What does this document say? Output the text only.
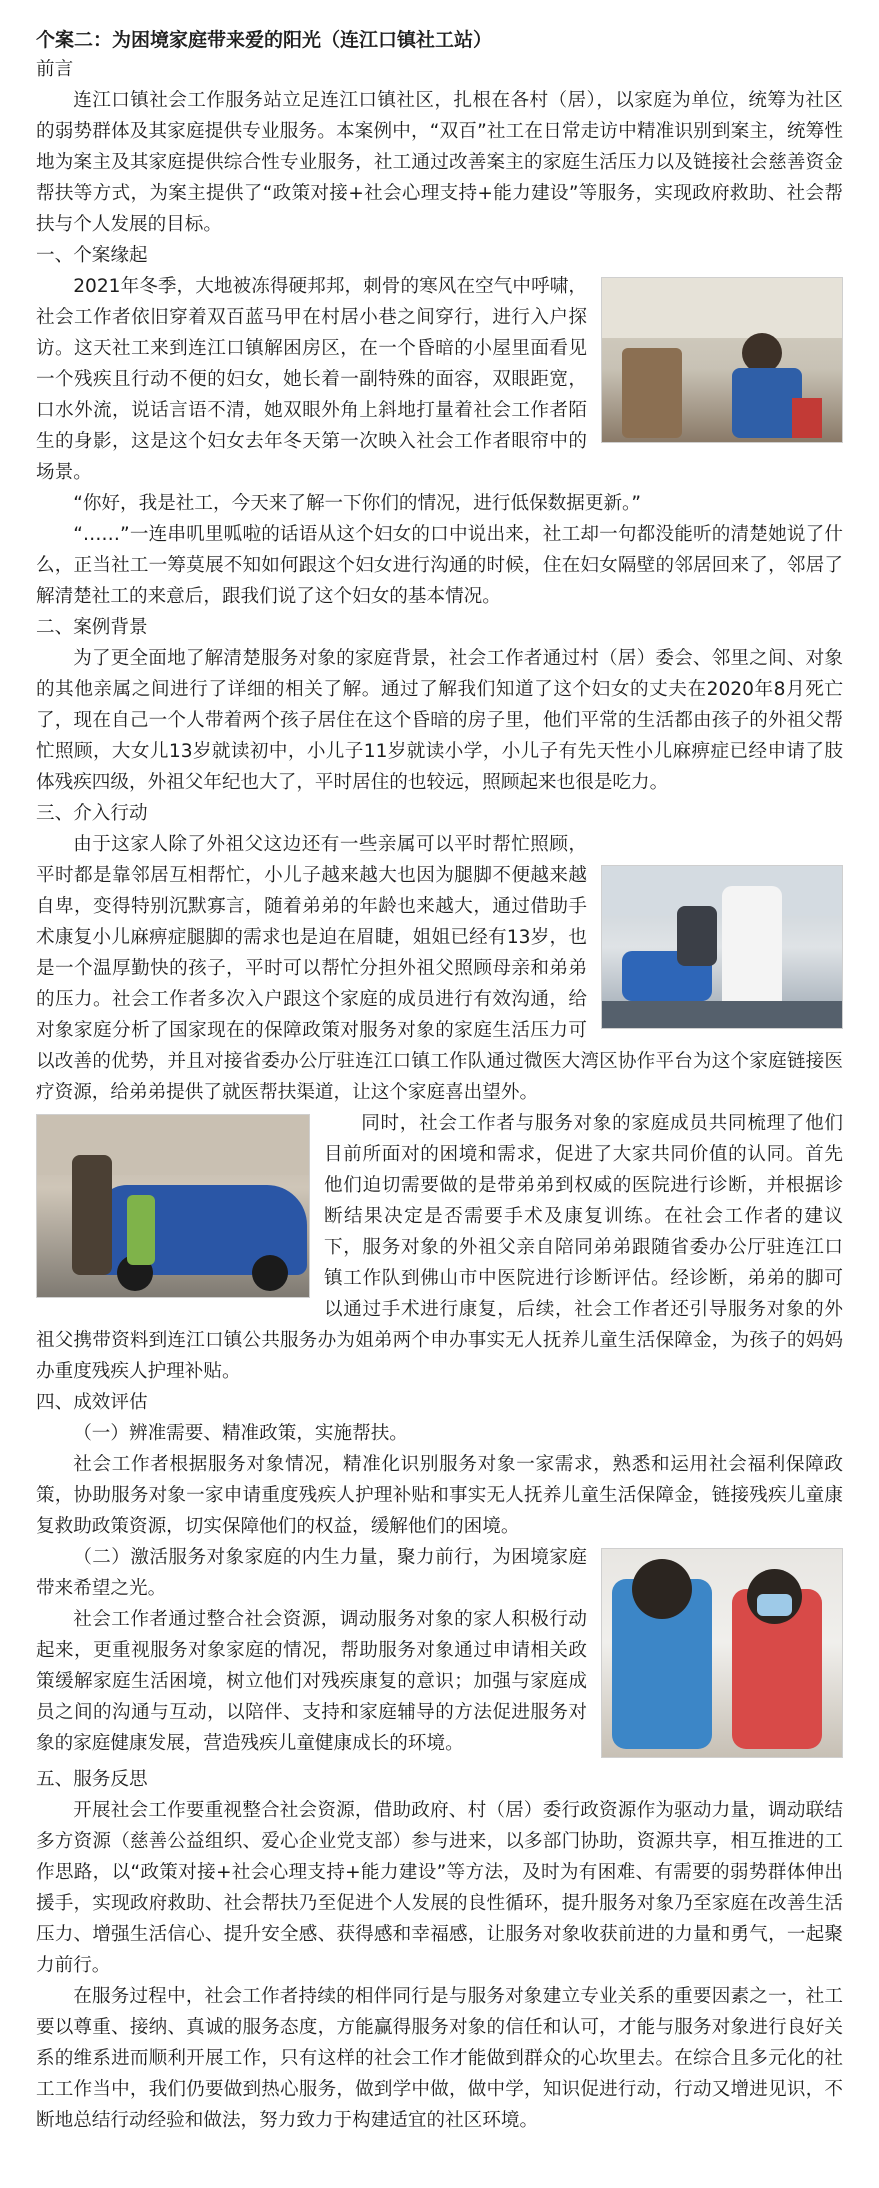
个案二：为困境家庭带来爱的阳光（连江口镇社工站）
前言

连江口镇社会工作服务站立足连江口镇社区，扎根在各村（居），以家庭为单位，统筹为社区的弱势群体及其家庭提供专业服务。本案例中，“双百”社工在日常走访中精准识别到案主，统筹性地为案主及其家庭提供综合性专业服务，社工通过改善案主的家庭生活压力以及链接社会慈善资金帮扶等方式，为案主提供了“政策对接+社会心理支持+能力建设”等服务，实现政府救助、社会帮扶与个人发展的目标。

一、个案缘起

2021年冬季，大地被冻得硬邦邦，刺骨的寒风在空气中呼啸，社会工作者依旧穿着双百蓝马甲在村居小巷之间穿行，进行入户探访。这天社工来到连江口镇解困房区，在一个昏暗的小屋里面看见一个残疾且行动不便的妇女，她长着一副特殊的面容，双眼距宽，口水外流，说话言语不清，她双眼外角上斜地打量着社会工作者陌生的身影，这是这个妇女去年冬天第一次映入社会工作者眼帘中的场景。

“你好，我是社工，今天来了解一下你们的情况，进行低保数据更新。”

“……”一连串叽里呱啦的话语从这个妇女的口中说出来，社工却一句都没能听的清楚她说了什么，正当社工一筹莫展不知如何跟这个妇女进行沟通的时候，住在妇女隔壁的邻居回来了，邻居了解清楚社工的来意后，跟我们说了这个妇女的基本情况。

二、案例背景

为了更全面地了解清楚服务对象的家庭背景，社会工作者通过村（居）委会、邻里之间、对象的其他亲属之间进行了详细的相关了解。通过了解我们知道了这个妇女的丈夫在2020年8月死亡了，现在自己一个人带着两个孩子居住在这个昏暗的房子里，他们平常的生活都由孩子的外祖父帮忙照顾，大女儿13岁就读初中，小儿子11岁就读小学，小儿子有先天性小儿麻痹症已经申请了肢体残疾四级，外祖父年纪也大了，平时居住的也较远，照顾起来也很是吃力。

三、介入行动

由于这家人除了外祖父这边还有一些亲属可以平时帮忙照顾，平时都是靠邻居互相帮忙，小儿子越来越大也因为腿脚不便越来越自卑，变得特别沉默寡言，随着弟弟的年龄也来越大，通过借助手术康复小儿麻痹症腿脚的需求也是迫在眉睫，姐姐已经有13岁，也是一个温厚勤快的孩子，平时可以帮忙分担外祖父照顾母亲和弟弟的压力。社会工作者多次入户跟这个家庭的成员进行有效沟通，给对象家庭分析了国家现在的保障政策对服务对象的家庭生活压力可以改善的优势，并且对接省委办公厅驻连江口镇工作队通过微医大湾区协作平台为这个家庭链接医疗资源，给弟弟提供了就医帮扶渠道，让这个家庭喜出望外。

同时，社会工作者与服务对象的家庭成员共同梳理了他们目前所面对的困境和需求，促进了大家共同价值的认同。首先他们迫切需要做的是带弟弟到权威的医院进行诊断，并根据诊断结果决定是否需要手术及康复训练。在社会工作者的建议下，服务对象的外祖父亲自陪同弟弟跟随省委办公厅驻连江口镇工作队到佛山市中医院进行诊断评估。经诊断，弟弟的脚可以通过手术进行康复，后续，社会工作者还引导服务对象的外祖父携带资料到连江口镇公共服务办为姐弟两个申办事实无人抚养儿童生活保障金，为孩子的妈妈办重度残疾人护理补贴。

四、成效评估

（一）辨准需要、精准政策，实施帮扶。

社会工作者根据服务对象情况，精准化识别服务对象一家需求，熟悉和运用社会福利保障政策，协助服务对象一家申请重度残疾人护理补贴和事实无人抚养儿童生活保障金，链接残疾儿童康复救助政策资源，切实保障他们的权益，缓解他们的困境。

（二）激活服务对象家庭的内生力量，聚力前行，为困境家庭带来希望之光。

社会工作者通过整合社会资源，调动服务对象的家人积极行动起来，更重视服务对象家庭的情况，帮助服务对象通过申请相关政策缓解家庭生活困境，树立他们对残疾康复的意识；加强与家庭成员之间的沟通与互动，以陪伴、支持和家庭辅导的方法促进服务对象的家庭健康发展，营造残疾儿童健康成长的环境。

五、服务反思

开展社会工作要重视整合社会资源，借助政府、村（居）委行政资源作为驱动力量，调动联结多方资源（慈善公益组织、爱心企业党支部）参与进来，以多部门协助，资源共享，相互推进的工作思路，以“政策对接+社会心理支持+能力建设”等方法，及时为有困难、有需要的弱势群体伸出援手，实现政府救助、社会帮扶乃至促进个人发展的良性循环，提升服务对象乃至家庭在改善生活压力、增强生活信心、提升安全感、获得感和幸福感，让服务对象收获前进的力量和勇气，一起聚力前行。

在服务过程中，社会工作者持续的相伴同行是与服务对象建立专业关系的重要因素之一，社工要以尊重、接纳、真诚的服务态度，方能赢得服务对象的信任和认可，才能与服务对象进行良好关系的维系进而顺利开展工作，只有这样的社会工作才能做到群众的心坎里去。在综合且多元化的社工工作当中，我们仍要做到热心服务，做到学中做，做中学，知识促进行动，行动又增进见识，不断地总结行动经验和做法，努力致力于构建适宜的社区环境。
